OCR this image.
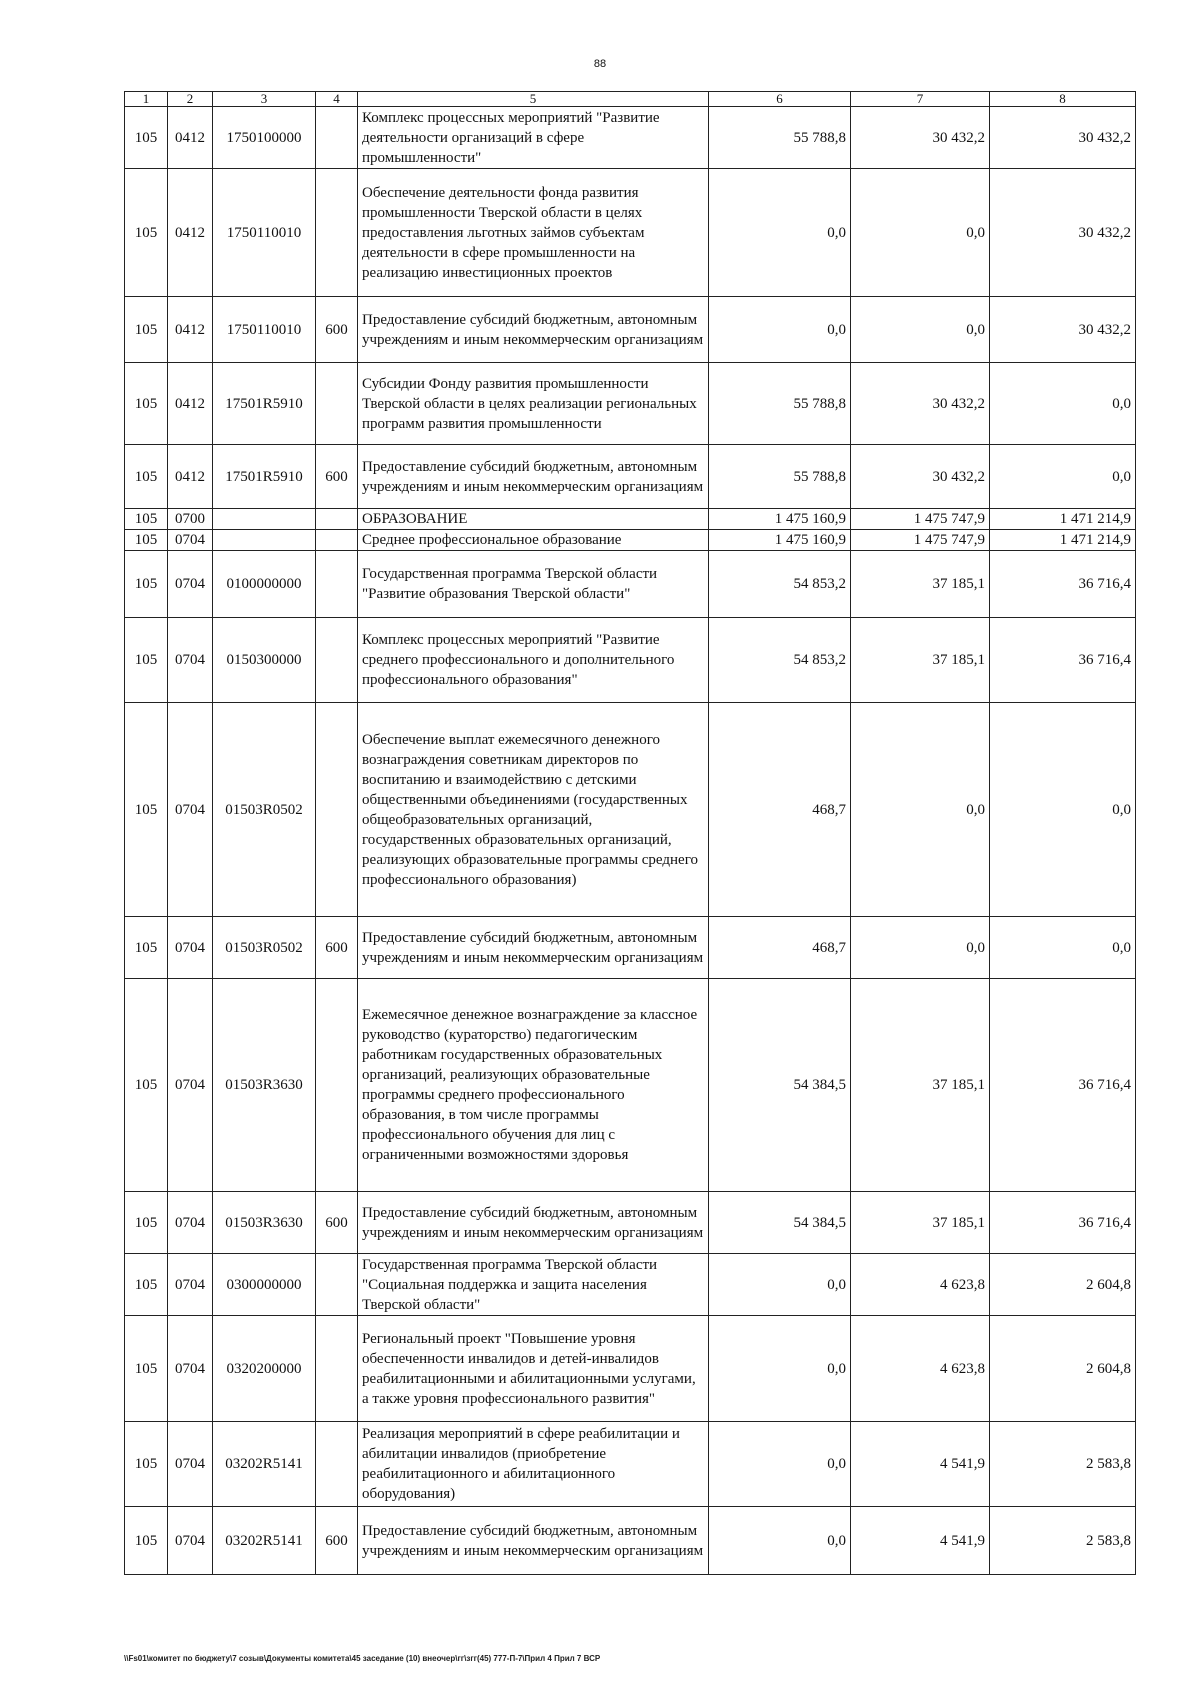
88
1	2	3	4	5	6	7	8
105	0412	1750100000		Комплекс процессных мероприятий "Развитие деятельности организаций в сфере промышленности"	55 788,8	30 432,2	30 432,2
105	0412	1750110010		Обеспечение деятельности фонда развития промышленности Тверской области в целях предоставления льготных займов субъектам деятельности в сфере промышленности на реализацию инвестиционных проектов	0,0	0,0	30 432,2
105	0412	1750110010	600	Предоставление субсидий бюджетным, автономным учреждениям и иным некоммерческим организациям	0,0	0,0	30 432,2
105	0412	17501R5910		Субсидии Фонду развития промышленности Тверской области в целях реализации региональных программ развития промышленности	55 788,8	30 432,2	0,0
105	0412	17501R5910	600	Предоставление субсидий бюджетным, автономным учреждениям и иным некоммерческим организациям	55 788,8	30 432,2	0,0
105	0700			ОБРАЗОВАНИЕ	1 475 160,9	1 475 747,9	1 471 214,9
105	0704			Среднее профессиональное образование	1 475 160,9	1 475 747,9	1 471 214,9
105	0704	0100000000		Государственная программа Тверской области "Развитие образования Тверской области"	54 853,2	37 185,1	36 716,4
105	0704	0150300000		Комплекс процессных мероприятий "Развитие среднего профессионального и дополнительного профессионального образования"	54 853,2	37 185,1	36 716,4
105	0704	01503R0502		Обеспечение выплат ежемесячного денежного вознаграждения советникам директоров по воспитанию и взаимодействию с детскими общественными объединениями (государственных общеобразовательных организаций, государственных образовательных организаций, реализующих образовательные программы среднего профессионального образования)	468,7	0,0	0,0
105	0704	01503R0502	600	Предоставление субсидий бюджетным, автономным учреждениям и иным некоммерческим организациям	468,7	0,0	0,0
105	0704	01503R3630		Ежемесячное денежное вознаграждение за классное руководство (кураторство) педагогическим работникам государственных образовательных организаций, реализующих образовательные программы среднего профессионального образования, в том числе программы профессионального обучения для лиц с ограниченными возможностями здоровья	54 384,5	37 185,1	36 716,4
105	0704	01503R3630	600	Предоставление субсидий бюджетным, автономным учреждениям и иным некоммерческим организациям	54 384,5	37 185,1	36 716,4
105	0704	0300000000		Государственная программа Тверской области "Социальная поддержка и защита населения Тверской области"	0,0	4 623,8	2 604,8
105	0704	0320200000		Региональный проект "Повышение уровня обеспеченности инвалидов и детей-инвалидов реабилитационными и абилитационными услугами, а также уровня профессионального развития"	0,0	4 623,8	2 604,8
105	0704	03202R5141		Реализация мероприятий в сфере реабилитации и абилитации инвалидов (приобретение реабилитационного и абилитационного оборудования)	0,0	4 541,9	2 583,8
105	0704	03202R5141	600	Предоставление субсидий бюджетным, автономным учреждениям и иным некоммерческим организациям	0,0	4 541,9	2 583,8
\\Fs01\комитет по бюджету\7 созыв\Документы комитета\45 заседание (10) внеочер\гг\згг(45) 777-П-7\Прил 4 Прил 7 ВСР
